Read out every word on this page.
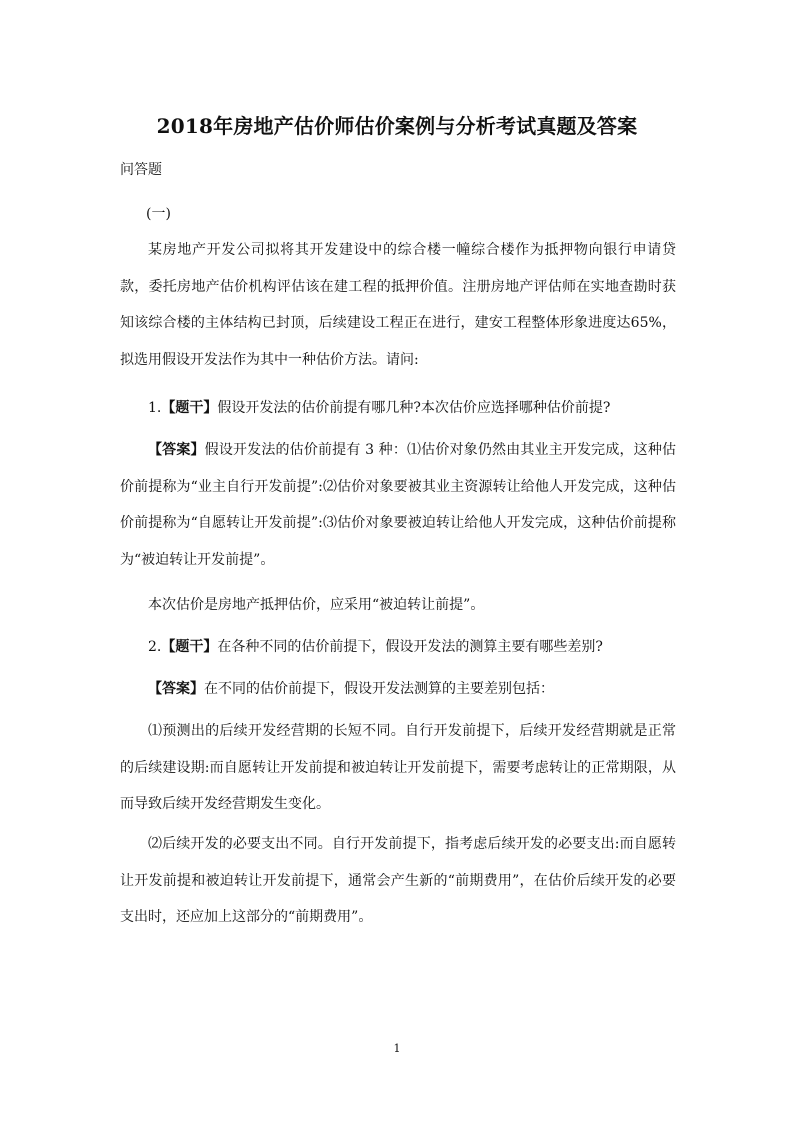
2018年房地产估价师估价案例与分析考试真题及答案
问答题
(一)

某房地产开发公司拟将其开发建设中的综合楼一幢综合楼作为抵押物向银行申请贷款，委托房地产估价机构评估该在建工程的抵押价值。注册房地产评估师在实地查勘时获知该综合楼的主体结构已封顶，后续建设工程正在进行，建安工程整体形象进度达65%，拟选用假设开发法作为其中一种估价方法。请问:

1.【题干】假设开发法的估价前提有哪几种?本次估价应选择哪种估价前提?

【答案】假设开发法的估价前提有 3 种：⑴估价对象仍然由其业主开发完成，这种估价前提称为“业主自行开发前提”:⑵估价对象要被其业主资源转让给他人开发完成，这种估价前提称为“自愿转让开发前提”:⑶估价对象要被迫转让给他人开发完成，这种估价前提称为“被迫转让开发前提”。

本次估价是房地产抵押估价，应采用“被迫转让前提”。

2.【题干】在各种不同的估价前提下，假设开发法的测算主要有哪些差别?

【答案】在不同的估价前提下，假设开发法测算的主要差别包括：

⑴预测出的后续开发经营期的长短不同。自行开发前提下，后续开发经营期就是正常的后续建设期:而自愿转让开发前提和被迫转让开发前提下，需要考虑转让的正常期限，从而导致后续开发经营期发生变化。

⑵后续开发的必要支出不同。自行开发前提下，指考虑后续开发的必要支出:而自愿转让开发前提和被迫转让开发前提下，通常会产生新的“前期费用”，在估价后续开发的必要支出时，还应加上这部分的“前期费用”。

1
